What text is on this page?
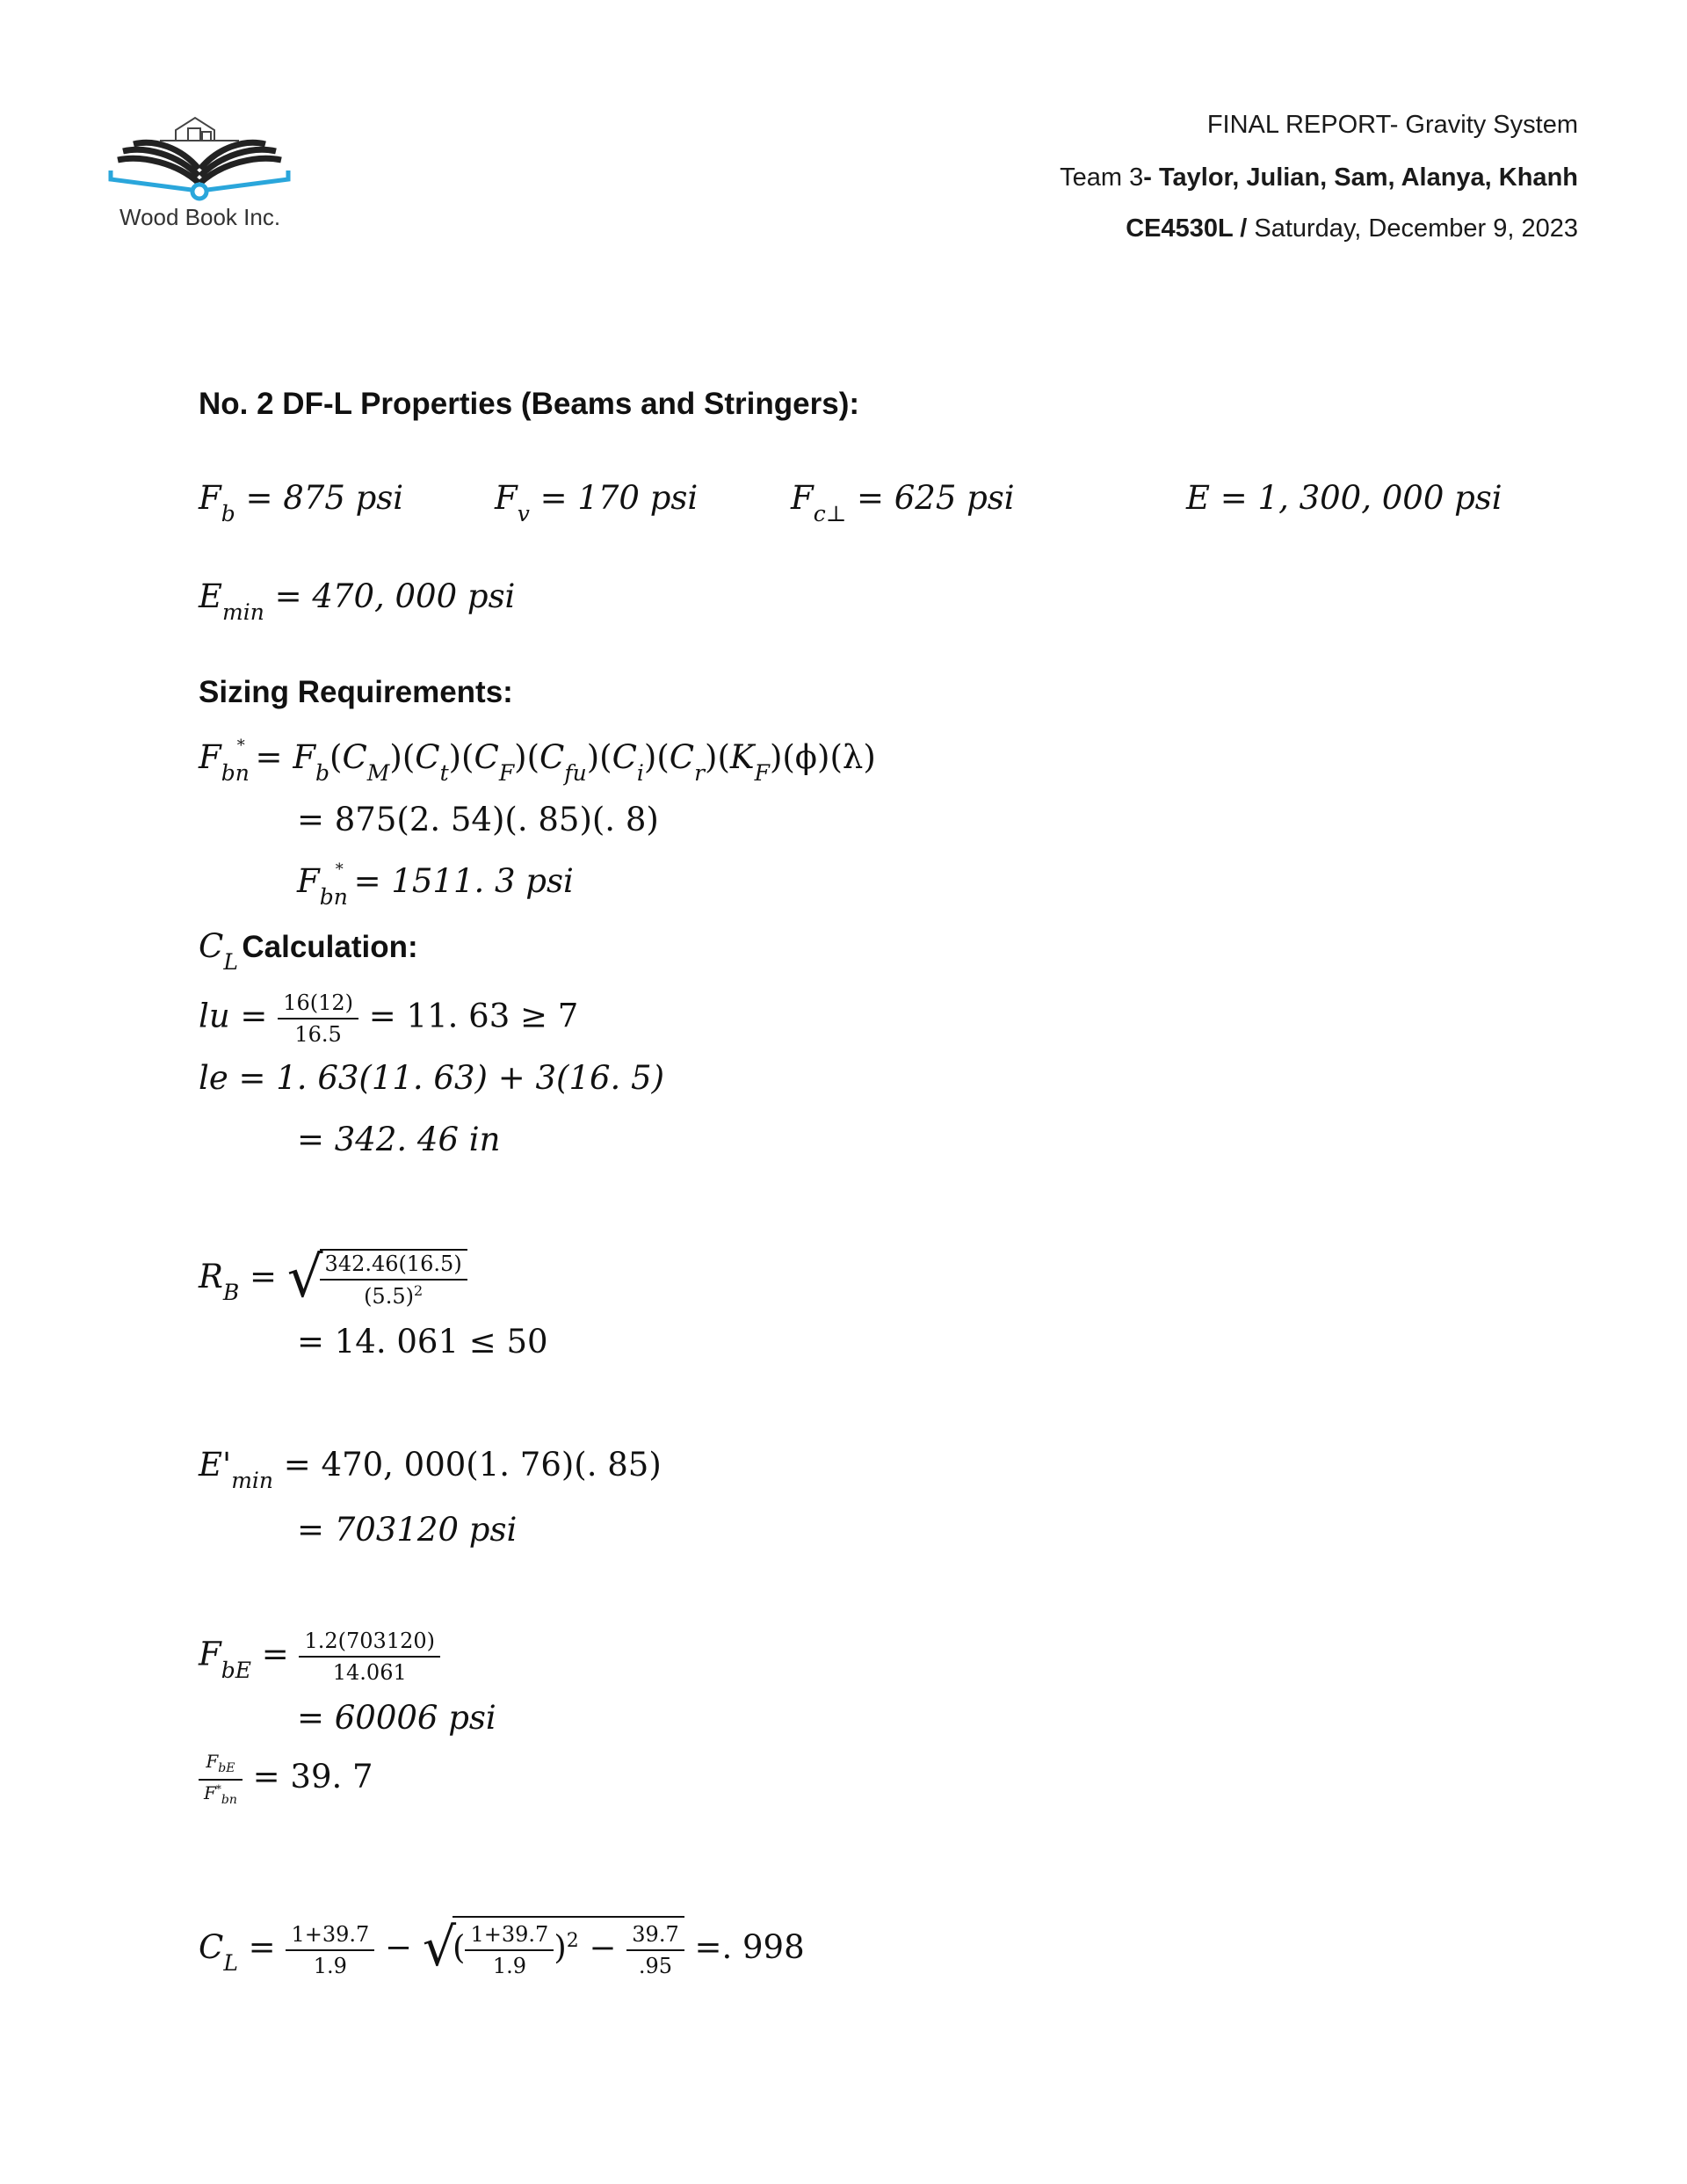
Wood Book Inc.
FINAL REPORT- Gravity System
Team 3- Taylor, Julian, Sam, Alanya, Khanh
CE4530L / Saturday, December 9, 2023
No. 2 DF-L Properties (Beams and Stringers):
$F_b = 875$ psi	$F_v = 170$ psi	$F_{c\perp} = 625$ psi	E = 1, 300, 000 psi
$E_{min} = 470$, 000 psi
Sizing Requirements:
$F_{bn}^* = F_b(C_M)(C_t)(C_F)(C_{fu})(C_i)(C_r)(K_F)(\phi)(\lambda)$
= 875(2. 54)(. 85)(. 8)
$F_{bn}^* = 1511$. 3 psi
$C_L$ Calculation:
lu = $\frac{16(12)}{16.5} = 11$. 63 ≥ 7
le = 1. 63(11. 63) + 3(16. 5)
= 342. 46 in
$R_B$ = √
$\frac{342.46(16.5)}{(5.5)^2}$
= 14. 061 ≤ 50
$E'_{min} = 470$, 000(1. 76)(. 85)
= 703120 psi
$F_{bE} = \frac{1.2(703120)}{14.061}$
= 60006 psi
$\frac{F_{bE}}{F^*_{bn}} = 39$. 7
$C_L = \frac{1+39.7}{1.9}$ − √( $\frac{1+39.7}{1.9} )^2 - \frac{39.7}{.95}$ =. 998
